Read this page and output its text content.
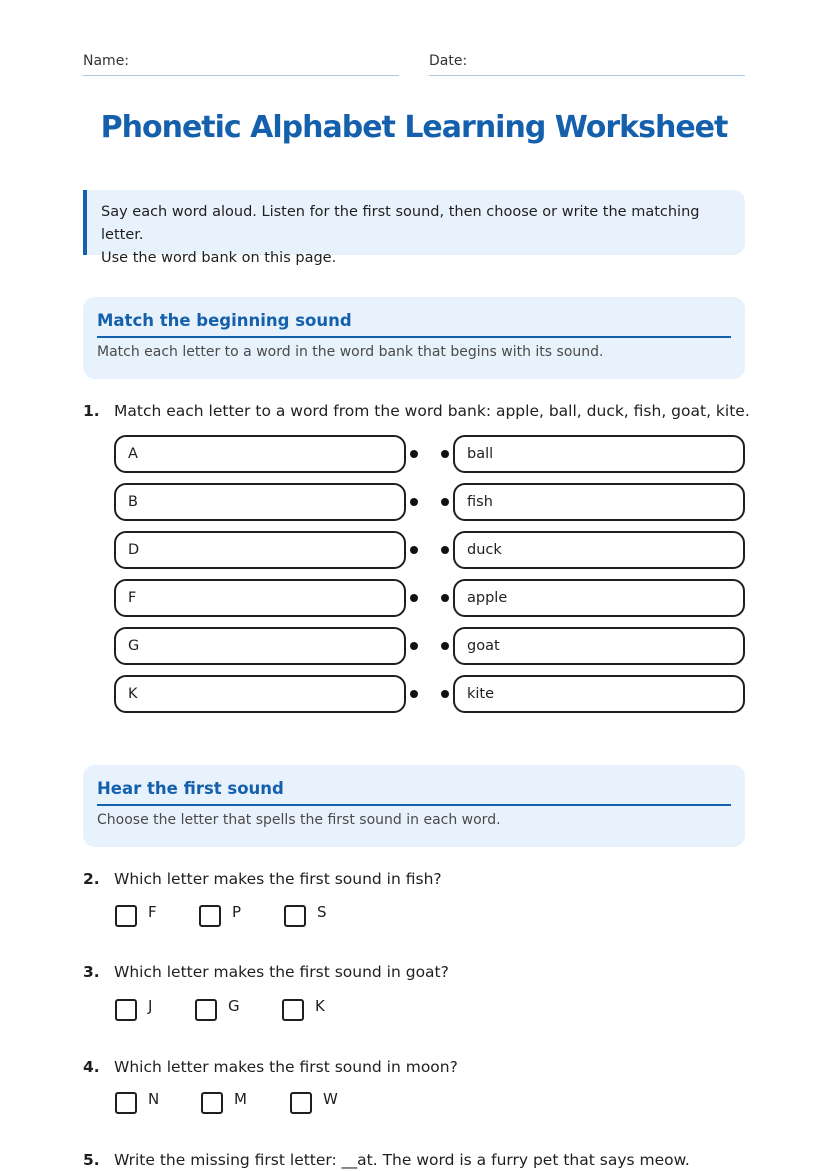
Name:	Date:
Phonetic Alphabet Learning Worksheet
Say each word aloud. Listen for the first sound, then choose or write the matching letter.
Use the word bank on this page.
Match the beginning sound
Match each letter to a word in the word bank that begins with its sound.
1. Match each letter to a word from the word bank: apple, ball, duck, fish, goat, kite.
A	ball
B	fish
D	duck
F	apple
G	goat
K	kite
Hear the first sound
Choose the letter that spells the first sound in each word.
2. Which letter makes the first sound in fish?
F	P	S
3. Which letter makes the first sound in goat?
J	G	K
4. Which letter makes the first sound in moon?
N	M	W
5. Write the missing first letter: __at. The word is a furry pet that says meow.
